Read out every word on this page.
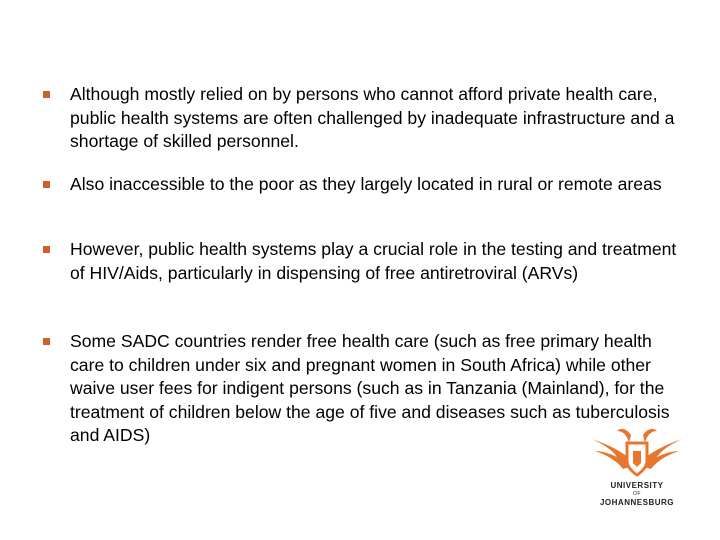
Although mostly relied on by persons who cannot afford private health care, public health systems are often challenged by inadequate infrastructure and a shortage of skilled personnel.
Also inaccessible to the poor as they largely located in rural or remote areas
However, public health systems play a crucial role in the testing and treatment of HIV/Aids, particularly in dispensing of free antiretroviral (ARVs)
Some SADC countries render free health care (such as free primary health care to children under six and pregnant women in South Africa) while other waive user fees for indigent persons (such as in Tanzania (Mainland), for the treatment of children below the age of five and diseases such as tuberculosis and AIDS)
UNIVERSITY
OF
JOHANNESBURG
